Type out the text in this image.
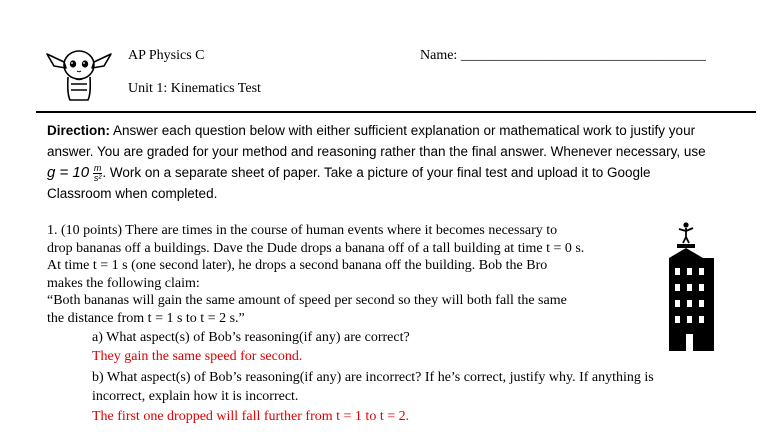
AP Physics C
Unit 1: Kinematics Test
Name: ___________________________________
Direction: Answer each question below with either sufficient explanation or mathematical work to justify your
answer. You are graded for your method and reasoning rather than the final answer. Whenever necessary, use
$g = 10 \frac{m}{\text{s²}}$ . Work on a separate sheet of paper. Take a picture of your final test and upload it to Google
Classroom when completed.
1. (10 points) There are times in the course of human events where it becomes necessary to
drop bananas off a buildings. Dave the Dude drops a banana off of a tall building at time t = 0 s.
At time t = 1 s (one second later), he drops a second banana off the building. Bob the Bro
makes the following claim:
“Both bananas will gain the same amount of speed per second so they will both fall the same
the distance from t = 1 s to t = 2 s.”
a) What aspect(s) of Bob’s reasoning(if any) are correct?
They gain the same speed for second.
b) What aspect(s) of Bob’s reasoning(if any) are incorrect? If he’s correct, justify why. If anything is
incorrect, explain how it is incorrect.
The first one dropped will fall further from t = 1 to t = 2.
